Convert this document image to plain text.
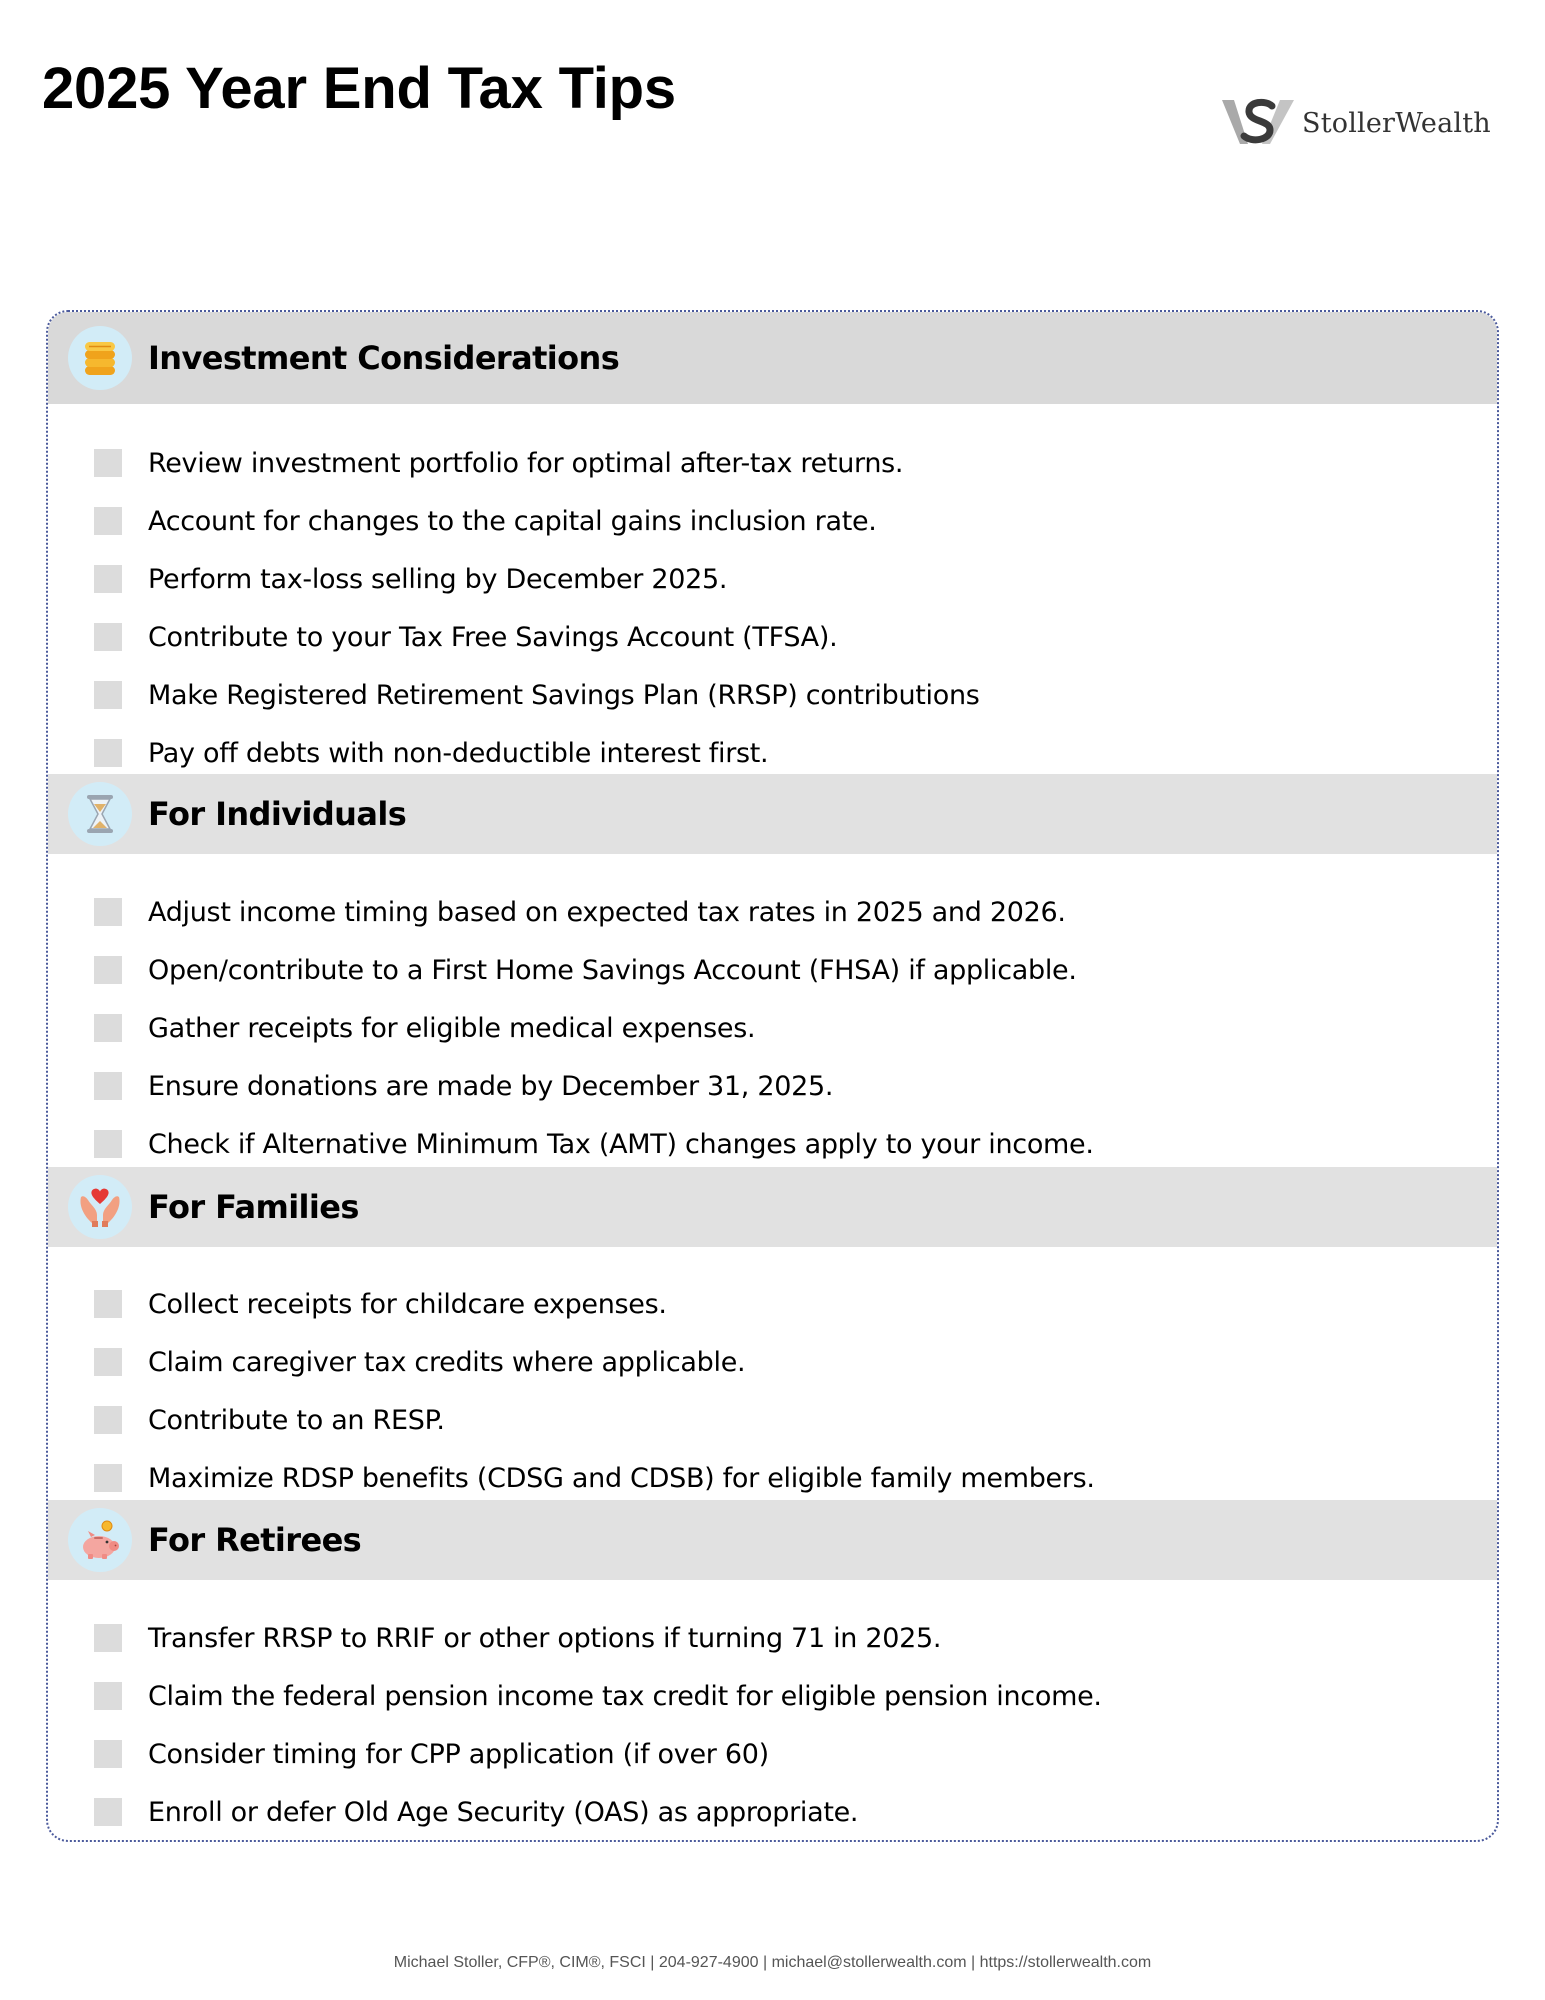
2025 Year End Tax Tips
StollerWealth
Investment Considerations
Review investment portfolio for optimal after-tax returns.
Account for changes to the capital gains inclusion rate.
Perform tax-loss selling by December 2025.
Contribute to your Tax Free Savings Account (TFSA).
Make Registered Retirement Savings Plan (RRSP) contributions
Pay off debts with non-deductible interest first.
For Individuals
Adjust income timing based on expected tax rates in 2025 and 2026.
Open/contribute to a First Home Savings Account (FHSA) if applicable.
Gather receipts for eligible medical expenses.
Ensure donations are made by December 31, 2025.
Check if Alternative Minimum Tax (AMT) changes apply to your income.
For Families
Collect receipts for childcare expenses.
Claim caregiver tax credits where applicable.
Contribute to an RESP.
Maximize RDSP benefits (CDSG and CDSB) for eligible family members.
For Retirees
Transfer RRSP to RRIF or other options if turning 71 in 2025.
Claim the federal pension income tax credit for eligible pension income.
Consider timing for CPP application (if over 60)
Enroll or defer Old Age Security (OAS) as appropriate.
Michael Stoller, CFP®, CIM®, FSCI | 204-927-4900 | michael@stollerwealth.com | https://stollerwealth.com
